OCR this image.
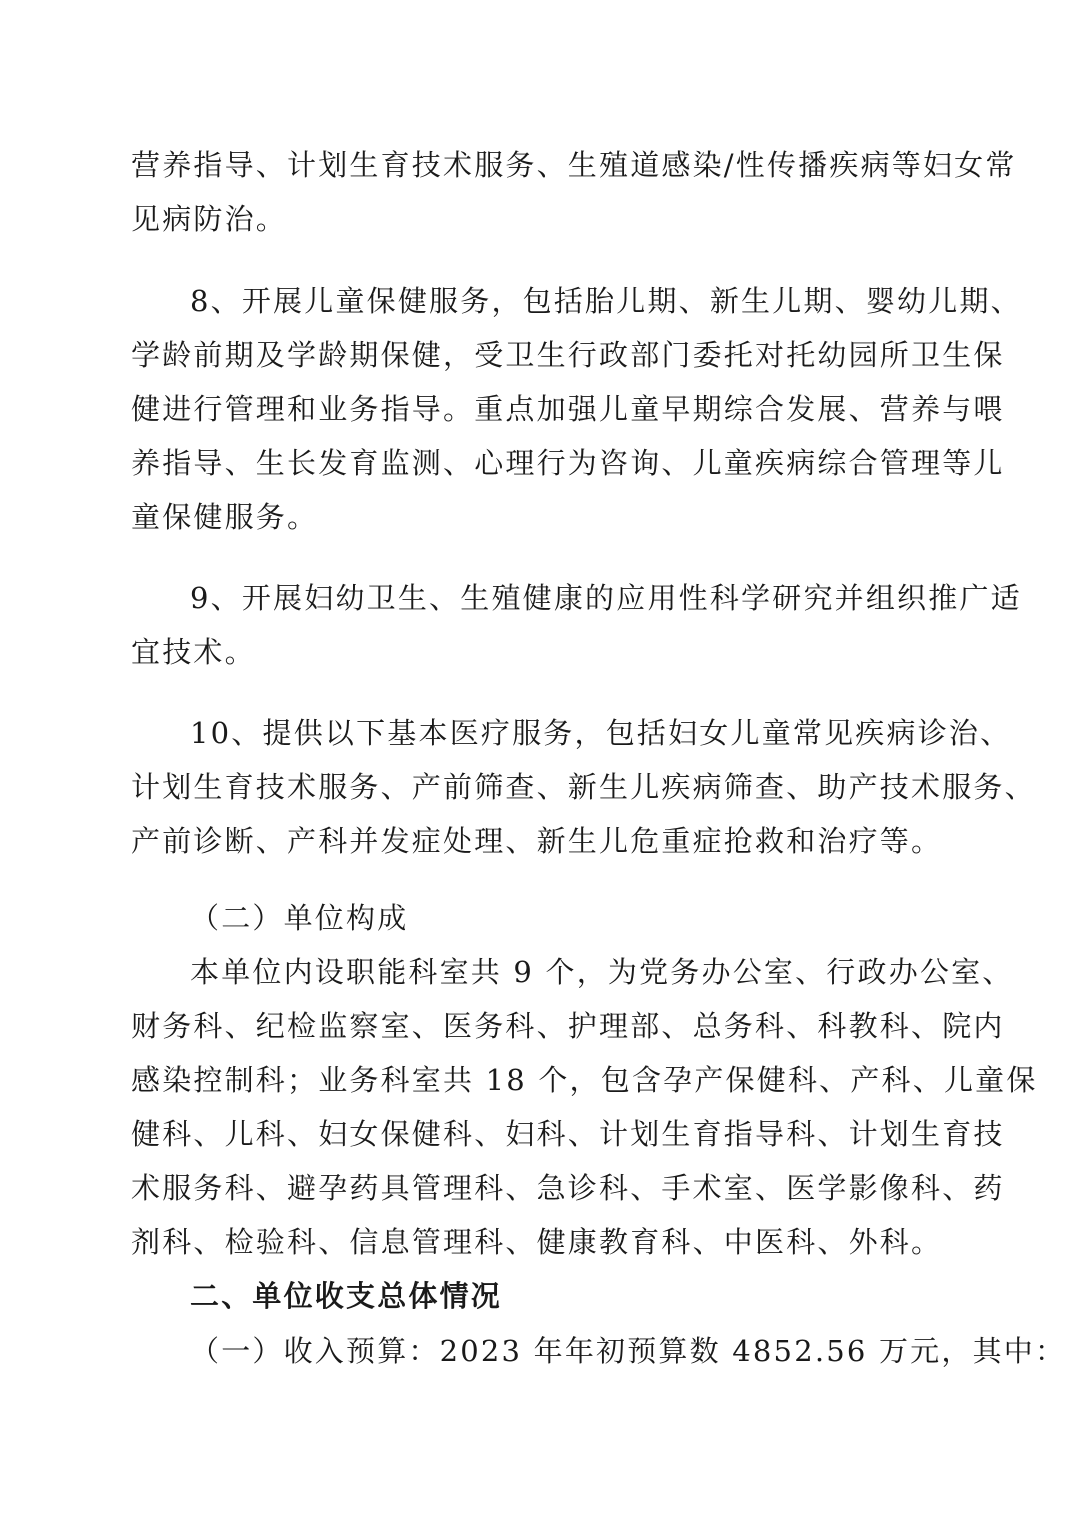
营养指导、计划生育技术服务、生殖道感染/性传播疾病等妇女常
见病防治。
8、开展儿童保健服务，包括胎儿期、新生儿期、婴幼儿期、
学龄前期及学龄期保健，受卫生行政部门委托对托幼园所卫生保
健进行管理和业务指导。重点加强儿童早期综合发展、营养与喂
养指导、生长发育监测、心理行为咨询、儿童疾病综合管理等儿
童保健服务。
9、开展妇幼卫生、生殖健康的应用性科学研究并组织推广适
宜技术。
10、提供以下基本医疗服务，包括妇女儿童常见疾病诊治、
计划生育技术服务、产前筛查、新生儿疾病筛查、助产技术服务、
产前诊断、产科并发症处理、新生儿危重症抢救和治疗等。
（二）单位构成
本单位内设职能科室共 9 个，为党务办公室、行政办公室、
财务科、纪检监察室、医务科、护理部、总务科、科教科、院内
感染控制科；业务科室共 18 个，包含孕产保健科、产科、儿童保
健科、儿科、妇女保健科、妇科、计划生育指导科、计划生育技
术服务科、避孕药具管理科、急诊科、手术室、医学影像科、药
剂科、检验科、信息管理科、健康教育科、中医科、外科。
二、单位收支总体情况
（一）收入预算：2023 年年初预算数 4852.56 万元，其中：
